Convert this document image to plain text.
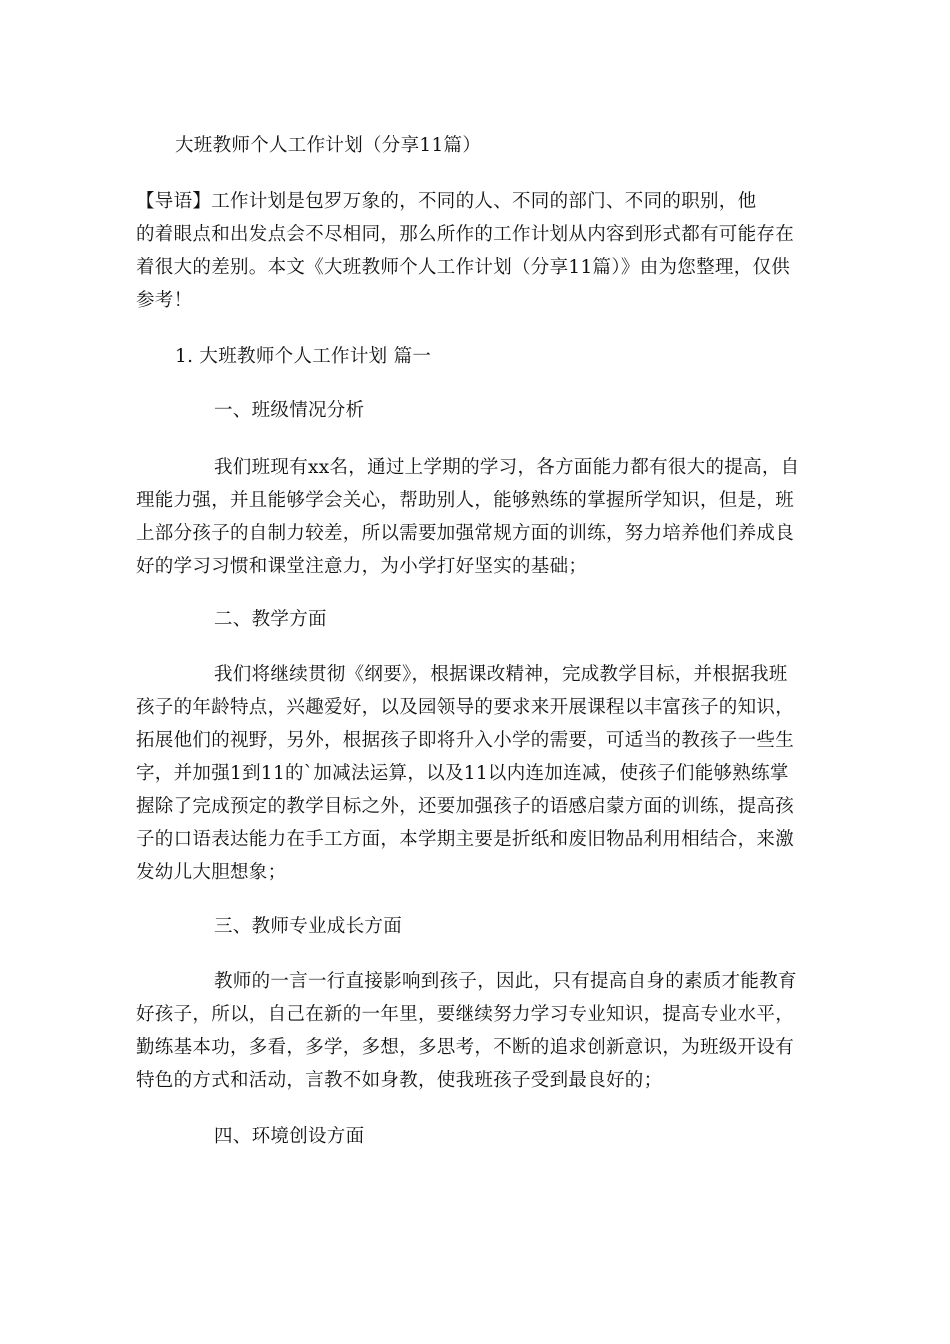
大班教师个人工作计划（分享11篇）
【导语】工作计划是包罗万象的，不同的人、不同的部门、不同的职别，他
的着眼点和出发点会不尽相同，那么所作的工作计划从内容到形式都有可能存在
着很大的差别。本文《大班教师个人工作计划（分享11篇）》由为您整理，仅供
参考！
1. 大班教师个人工作计划 篇一
一、班级情况分析
我们班现有xx名，通过上学期的学习，各方面能力都有很大的提高，自
理能力强，并且能够学会关心，帮助别人，能够熟练的掌握所学知识，但是，班
上部分孩子的自制力较差，所以需要加强常规方面的训练，努力培养他们养成良
好的学习习惯和课堂注意力，为小学打好坚实的基础；
二、教学方面
我们将继续贯彻《纲要》，根据课改精神，完成教学目标，并根据我班
孩子的年龄特点，兴趣爱好，以及园领导的要求来开展课程以丰富孩子的知识，
拓展他们的视野，另外，根据孩子即将升入小学的需要，可适当的教孩子一些生
字，并加强1到11的`加减法运算，以及11以内连加连减，使孩子们能够熟练掌
握除了完成预定的教学目标之外，还要加强孩子的语感启蒙方面的训练，提高孩
子的口语表达能力在手工方面，本学期主要是折纸和废旧物品利用相结合，来激
发幼儿大胆想象；
三、教师专业成长方面
教师的一言一行直接影响到孩子，因此，只有提高自身的素质才能教育
好孩子，所以，自己在新的一年里，要继续努力学习专业知识，提高专业水平，
勤练基本功，多看，多学，多想，多思考，不断的追求创新意识，为班级开设有
特色的方式和活动，言教不如身教，使我班孩子受到最良好的；
四、环境创设方面
